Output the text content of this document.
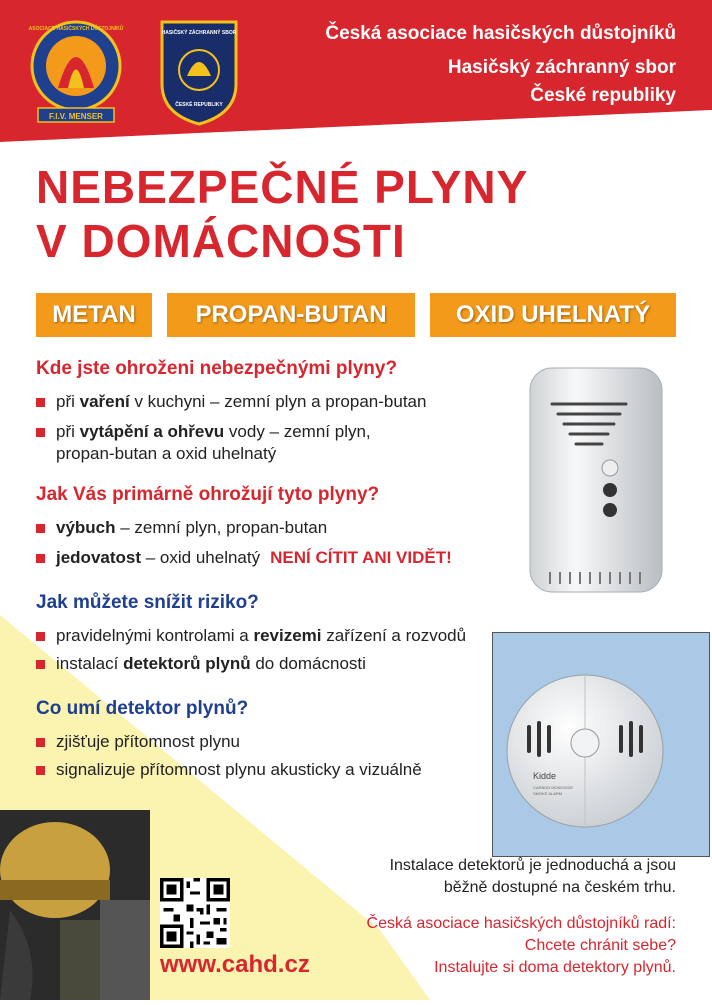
F.I.V. MENSER
ASOCIACE HASIČSKÝCH DŮSTOJNÍKŮ
HASIČSKÝ ZÁCHRANNÝ SBOR
ČESKÉ REPUBLIKY
Česká asociace hasičských důstojníků
Hasičský záchranný sbor
České republiky
NEBEZPEČNÉ PLYNY
V DOMÁCNOSTI
METAN	PROPAN-BUTAN	OXID UHELNATÝ
Kde jste ohroženi nebezpečnými plyny?
při vaření v kuchyni – zemní plyn a propan-butan
při vytápění a ohřevu vody – zemní plyn,
propan-butan a oxid uhelnatý
Jak Vás primárně ohrožují tyto plyny?
výbuch – zemní plyn, propan-butan
jedovatost – oxid uhelnatý NENÍ CÍTIT ANI VIDĚT!
Jak můžete snížit riziko?
pravidelnými kontrolami a revizemi zařízení a rozvodů
instalací detektorů plynů do domácnosti
Kidde
CARBON MONOXIDE
SMOKE ALARM
Co umí detektor plynů?
zjišťuje přítomnost plynu
signalizuje přítomnost plynu akusticky a vizuálně
Instalace detektorů je jednoduchá a jsou
běžně dostupné na českém trhu.
Česká asociace hasičských důstojníků radí:
Chcete chránit sebe?
Instalujte si doma detektory plynů.
www.cahd.cz
